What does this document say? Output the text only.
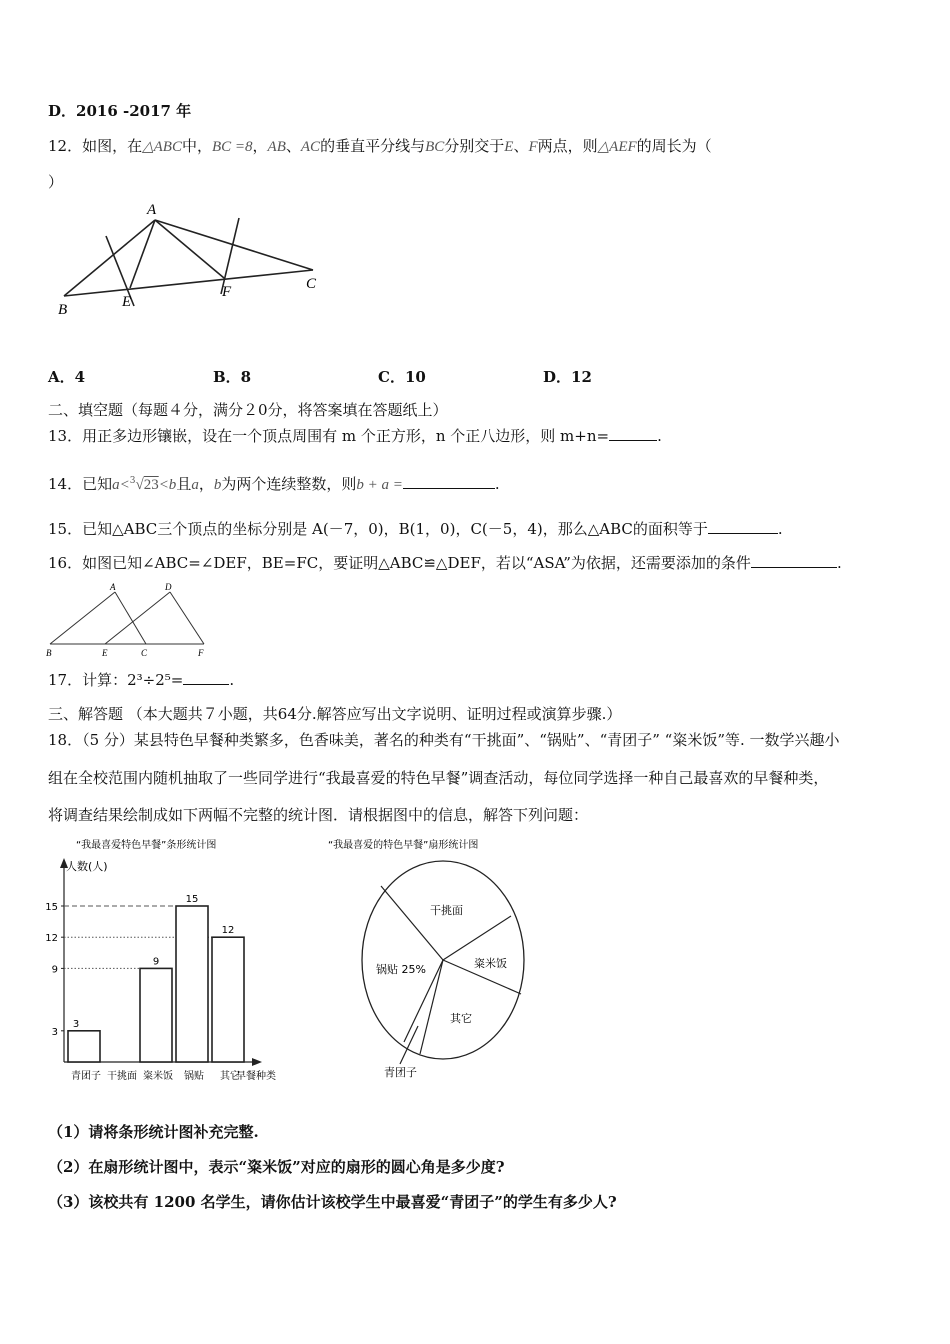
D．2016 -2017 年
12．如图，在△ABC中，BC =8，AB、AC的垂直平分线与BC分别交于E、F两点，则△AEF的周长为（
）
A
B	E
F	C
A．4	B．8	C．10	D．12
二、填空题（每题４分，满分２0分，将答案填在答题纸上）
13．用正多边形镶嵌，设在一个顶点周围有 m 个正方形，n 个正八边形，则 m+n=	.
14．已知a<$^3$√23<b且a，b为两个连续整数，则b + a =	.
15．已知△ABC三个顶点的坐标分别是 A(－7，0)，B(1，0)，C(－5，4)，那么△ABC的面积等于	.
16．如图已知∠ABC=∠DEF，BE=FC，要证明△ABC≌△DEF，若以“ASA”为依据，还需要添加的条件	.
A	D
B	E	C	F
17．计算：2³÷2⁵=	.
三、解答题 （本大题共７小题，共64分.解答应写出文字说明、证明过程或演算步骤.）
18．（5 分）某县特色早餐种类繁多，色香味美，著名的种类有“干挑面”、“锅贴”、“青团子” “粢米饭”等. 一数学兴趣小
组在全校范围内随机抽取了一些同学进行“我最喜爱的特色早餐”调查活动，每位同学选择一种自己最喜欢的早餐种类，
将调查结果绘制成如下两幅不完整的统计图．请根据图中的信息，解答下列问题：
“我最喜爱特色早餐”条形统计图
人数(人)
早餐种类
3
9
12
15
3
青团子 干挑面
9
粢米饭
15
锅贴
12
其它
“我最喜爱的特色早餐”扇形统计图
干挑面
粢米饭
其它
青团子
锅贴 25%
（1）请将条形统计图补充完整.
（2）在扇形统计图中，表示“粢米饭”对应的扇形的圆心角是多少度?
（3）该校共有 1200 名学生，请你估计该校学生中最喜爱“青团子”的学生有多少人?
